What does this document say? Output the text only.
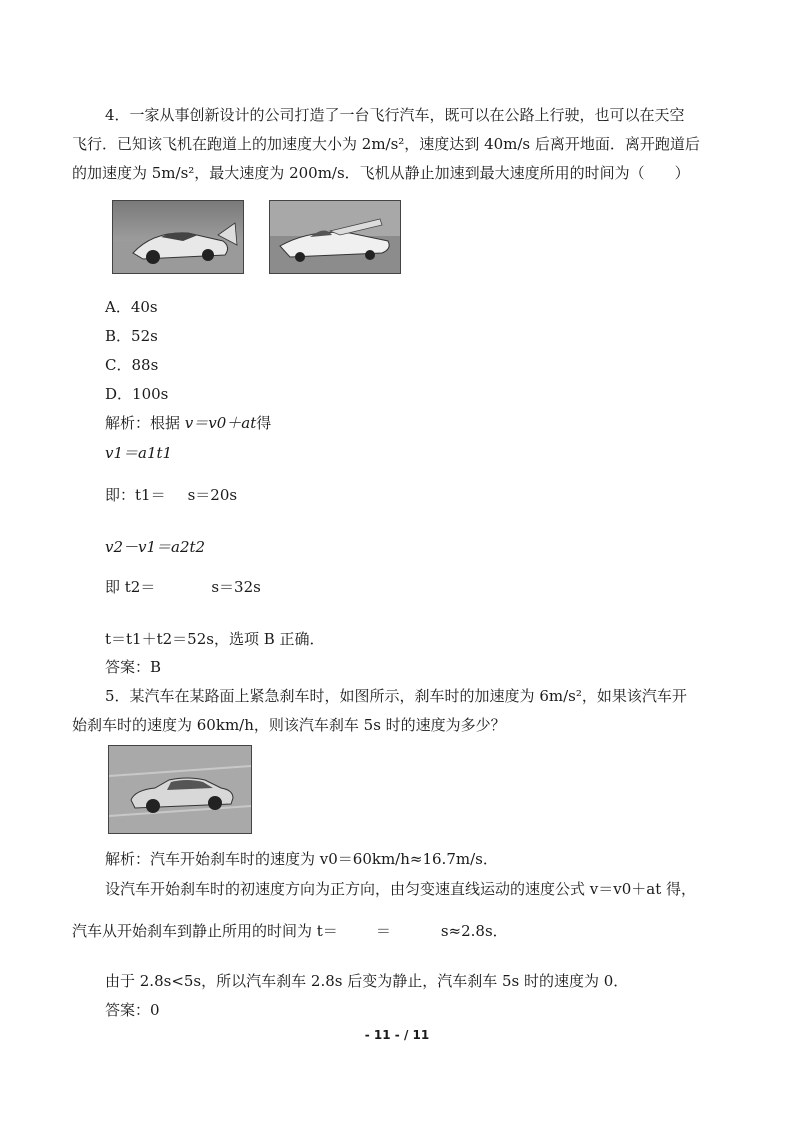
4．一家从事创新设计的公司打造了一台飞行汽车，既可以在公路上行驶，也可以在天空
飞行．已知该飞机在跑道上的加速度大小为 2m/s²，速度达到 40m/s 后离开地面．离开跑道后
的加速度为 5m/s²，最大速度为 200m/s．飞机从静止加速到最大速度所用的时间为（　　）
A．40s
B．52s
C．88s
D．100s
解析：根据 v＝v0＋at得
v1＝a1t1
即：t1＝ s＝20s
v2－v1＝a2t2
即 t2＝	s＝32s
t＝t1＋t2＝52s，选项 B 正确．
答案：B
5．某汽车在某路面上紧急刹车时，如图所示，刹车时的加速度为 6m/s²，如果该汽车开
始刹车时的速度为 60km/h，则该汽车刹车 5s 时的速度为多少？
解析：汽车开始刹车时的速度为 v0＝60km/h≈16.7m/s．
设汽车开始刹车时的初速度方向为正方向，由匀变速直线运动的速度公式 v＝v0＋at 得，
汽车从开始刹车到静止所用的时间为 t＝	＝	s≈2.8s．
由于 2.8s<5s，所以汽车刹车 2.8s 后变为静止，汽车刹车 5s 时的速度为 0．
答案：0
- 11 - / 11
